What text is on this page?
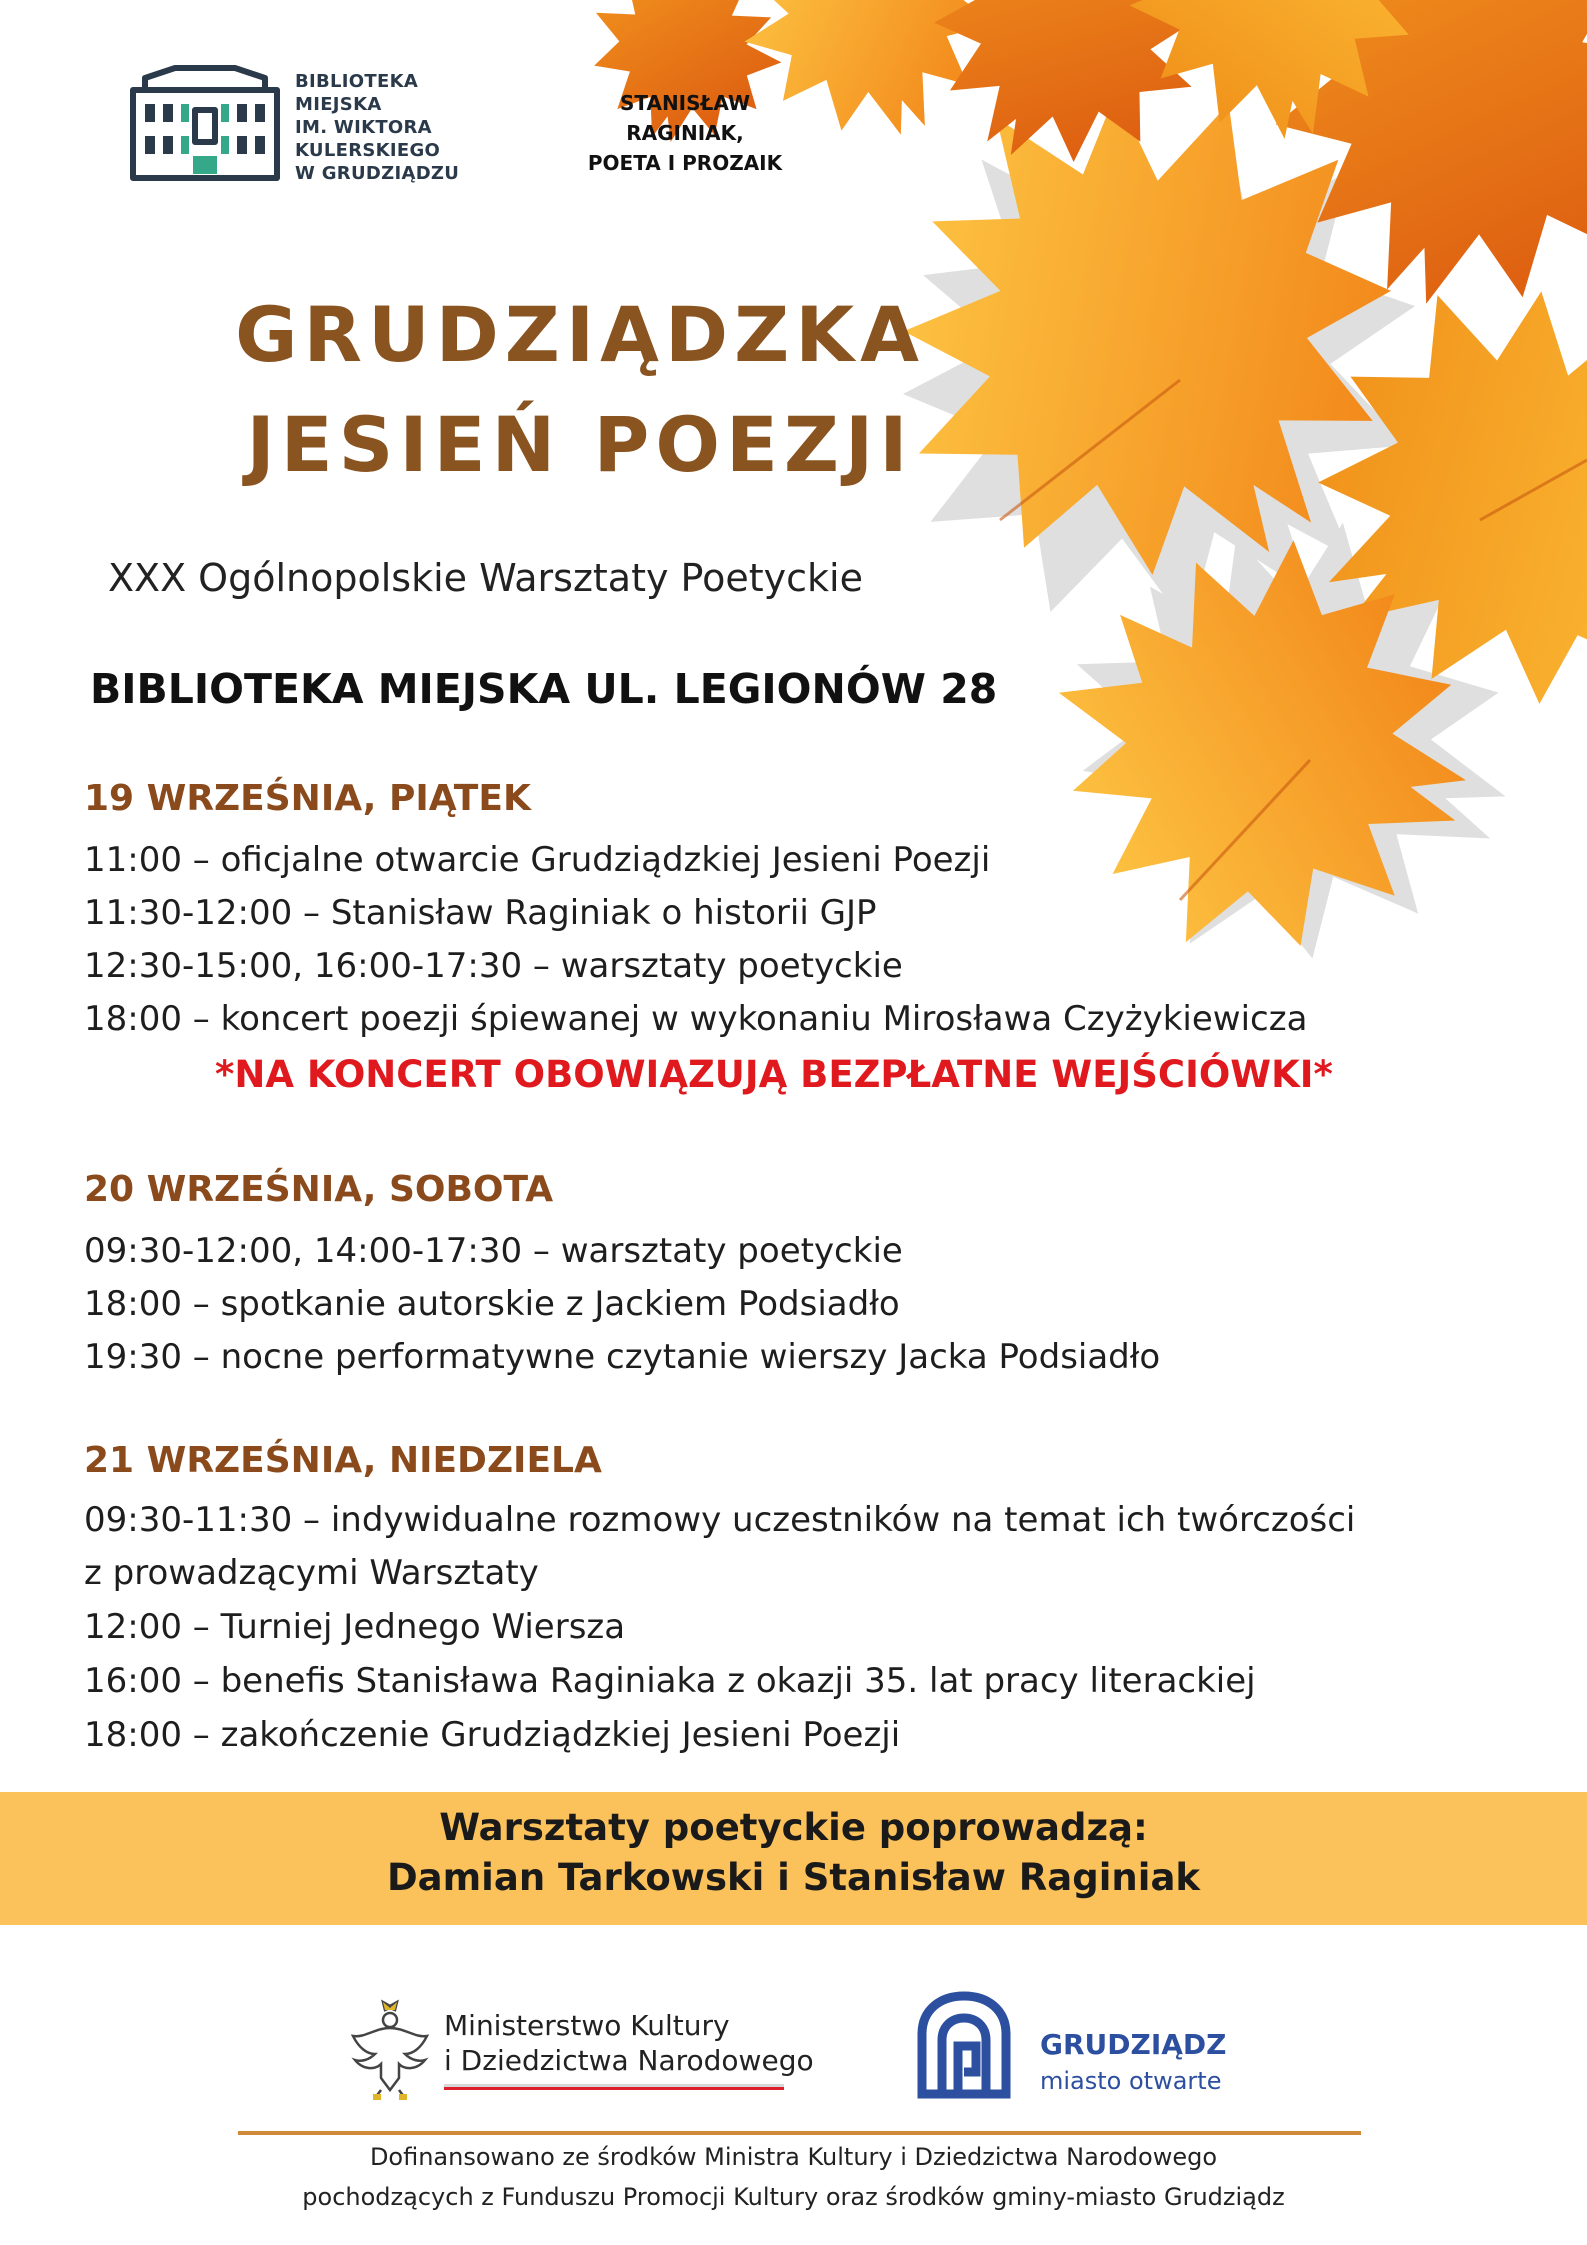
BIBLIOTEKA
MIEJSKA
IM. WIKTORA
KULERSKIEGO
W GRUDZIĄDZU
STANISŁAW
RAGINIAK,
POETA I PROZAIK
GRUDZIĄDZKA
JESIEŃ POEZJI
XXX Ogólnopolskie Warsztaty Poetyckie
BIBLIOTEKA MIEJSKA UL. LEGIONÓW 28
19 WRZEŚNIA, PIĄTEK
11:00 – oficjalne otwarcie Grudziądzkiej Jesieni Poezji
11:30-12:00 – Stanisław Raginiak o historii GJP
12:30-15:00, 16:00-17:30 – warsztaty poetyckie
18:00 – koncert poezji śpiewanej w wykonaniu Mirosława Czyżykiewicza
*NA KONCERT OBOWIĄZUJĄ BEZPŁATNE WEJŚCIÓWKI*
20 WRZEŚNIA, SOBOTA
09:30-12:00, 14:00-17:30 – warsztaty poetyckie
18:00 – spotkanie autorskie z Jackiem Podsiadło
19:30 – nocne performatywne czytanie wierszy Jacka Podsiadło
21 WRZEŚNIA, NIEDZIELA
09:30-11:30 – indywidualne rozmowy uczestników na temat ich twórczości
z prowadzącymi Warsztaty
12:00 – Turniej Jednego Wiersza
16:00 – benefis Stanisława Raginiaka z okazji 35. lat pracy literackiej
18:00 – zakończenie Grudziądzkiej Jesieni Poezji
Warsztaty poetyckie poprowadzą:
Damian Tarkowski i Stanisław Raginiak
Ministerstwo Kultury
i Dziedzictwa Narodowego	GRUDZIĄDZ
miasto otwarte
Dofinansowano ze środków Ministra Kultury i Dziedzictwa Narodowego
pochodzących z Funduszu Promocji Kultury oraz środków gminy-miasto Grudziądz
